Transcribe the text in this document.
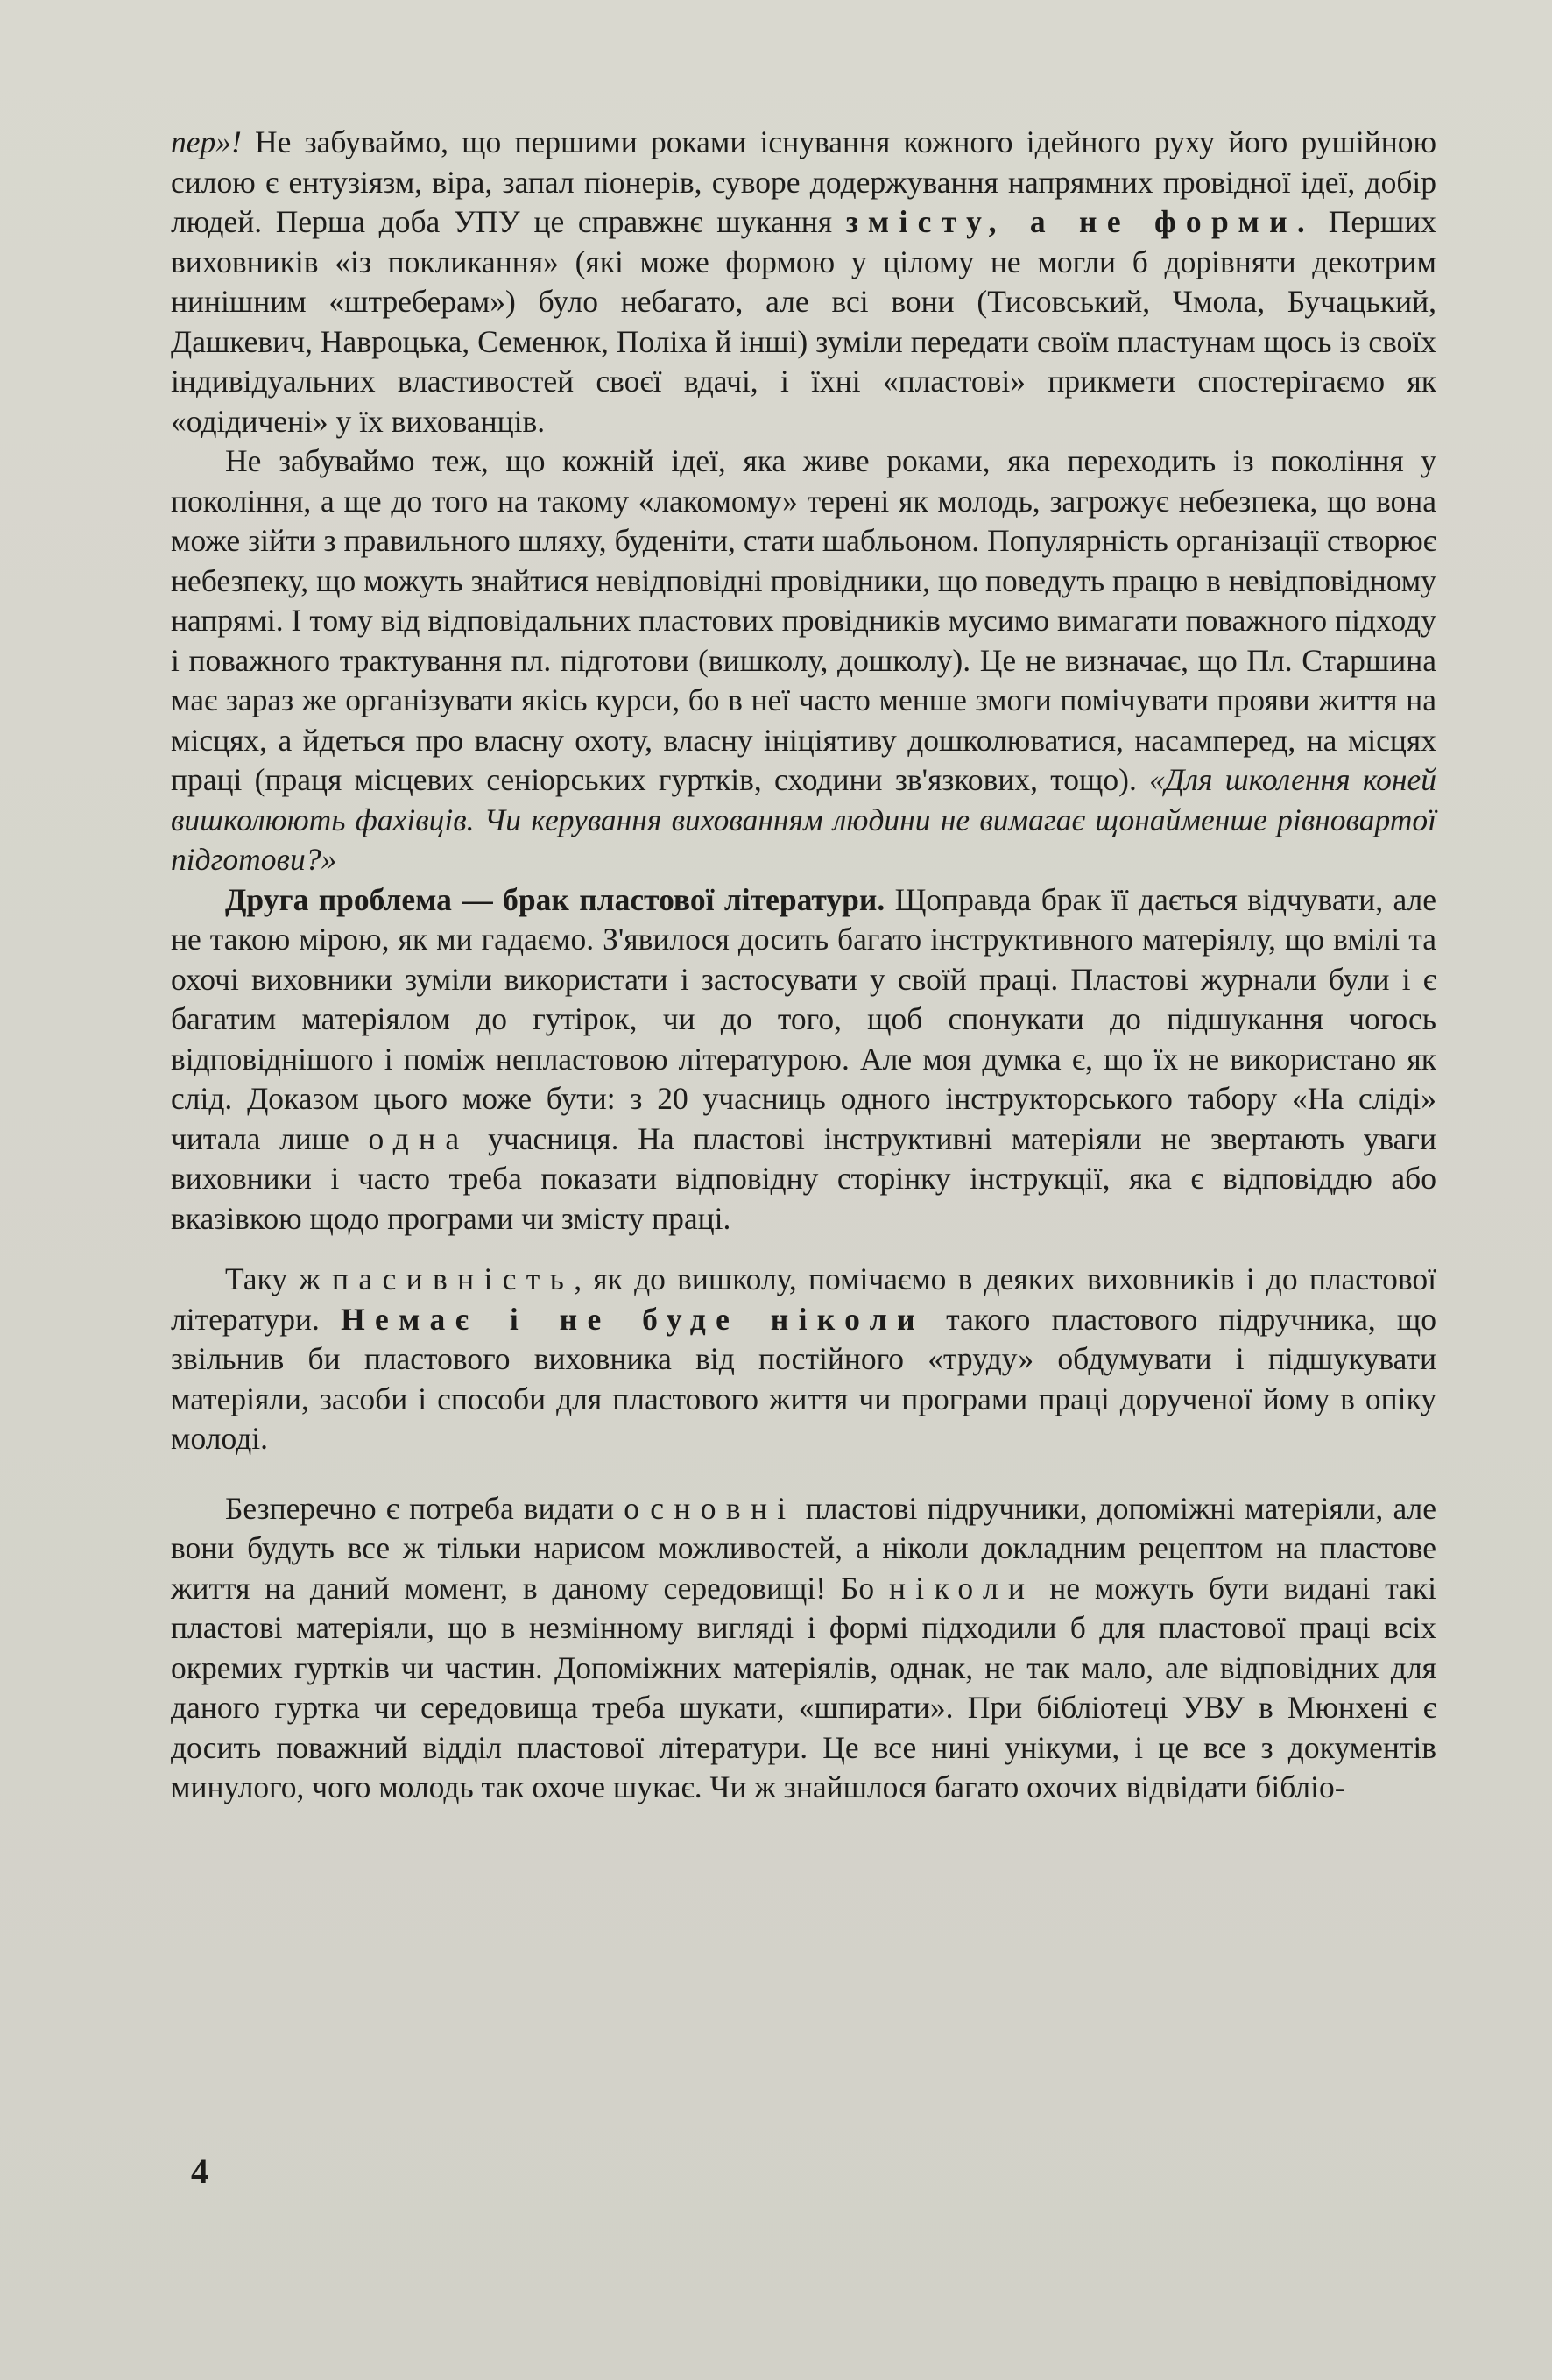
пер»! Не забуваймо, що першими роками існування кожного ідейного руху його рушійною силою є ентузіязм, віра, запал піонерів, суворе додержування напрямних провідної ідеї, добір людей. Перша доба УПУ це справжнє шукання змісту, а не форми. Перших виховників «із покликання» (які може формою у цілому не могли б дорівняти декотрим нинішним «штреберам») було небагато, але всі вони (Тисовський, Чмола, Бучацький, Дашкевич, Навроцька, Семенюк, Поліха й інші) зуміли передати своїм пластунам щось із своїх індивідуальних властивостей своєї вдачі, і їхні «пластові» прикмети спостерігаємо як «одідичені» у їх вихованців.

Не забуваймо теж, що кожній ідеї, яка живе роками, яка переходить із покоління у покоління, а ще до того на такому «лакомому» терені як молодь, загрожує небезпека, що вона може зійти з правильного шляху, буденіти, стати шабльоном. Популярність організації створює небезпеку, що можуть знайтися невідповідні провідники, що поведуть працю в невідповідному напрямі. І тому від відповідальних пластових провідників мусимо вимагати поважного підходу і поважного трактування пл. підготови (вишколу, дошколу). Це не визначає, що Пл. Старшина має зараз же організувати якісь курси, бо в неї часто менше змоги помічувати прояви життя на місцях, а йдеться про власну охоту, власну ініціятиву дошколюватися, насамперед, на місцях праці (праця місцевих сеніорських гуртків, сходини зв'язкових, тощо). «Для школення коней вишколюють фахівців. Чи керування вихованням людини не вимагає щонайменше рівновартої підготови?»

Друга проблема — брак пластової літератури. Щоправда брак її дається відчувати, але не такою мірою, як ми гадаємо. З'явилося досить багато інструктивного матеріялу, що вмілі та охочі виховники зуміли використати і застосувати у своїй праці. Пластові журнали були і є багатим матеріялом до гутірок, чи до того, щоб спонукати до підшукання чогось відповіднішого і поміж непластовою літературою. Але моя думка є, що їх не використано як слід. Доказом цього може бути: з 20 учасниць одного інструкторського табору «На сліді» читала лише одна учасниця. На пластові інструктивні матеріяли не звертають уваги виховники і часто треба показати відповідну сторінку інструкції, яка є відповіддю або вказівкою щодо програми чи змісту праці.

Таку ж пасивність, як до вишколу, помічаємо в деяких виховників і до пластової літератури. Немає і не буде ніколи такого пластового підручника, що звільнив би пластового виховника від постійного «труду» обдумувати і підшукувати матеріяли, засоби і способи для пластового життя чи програми праці дорученої йому в опіку молоді.

Безперечно є потреба видати основні пластові підручники, допоміжні матеріяли, але вони будуть все ж тільки нарисом можливостей, а ніколи докладним рецептом на пластове життя на даний момент, в даному середовищі! Бо ніколи не можуть бути видані такі пластові матеріяли, що в незмінному вигляді і формі підходили б для пластової праці всіх окремих гуртків чи частин. Допоміжних матеріялів, однак, не так мало, але відповідних для даного гуртка чи середовища треба шукати, «шпирати». При бібліотеці УВУ в Мюнхені є досить поважний відділ пластової літератури. Це все нині унікуми, і це все з документів минулого, чого молодь так охоче шукає. Чи ж знайшлося багато охочих відвідати бібліо-

4
